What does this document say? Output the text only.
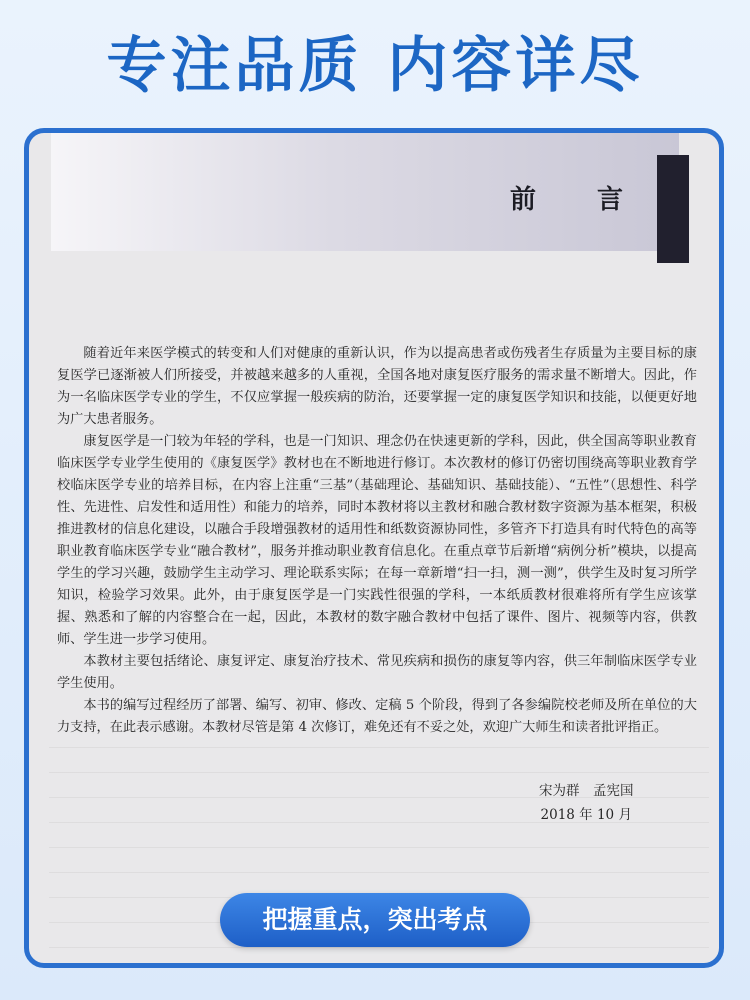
专注品质 内容详尽
前 言

随着近年来医学模式的转变和人们对健康的重新认识，作为以提高患者或伤残者生存质量为主要目标的康复医学已逐渐被人们所接受，并被越来越多的人重视，全国各地对康复医疗服务的需求量不断增大。因此，作为一名临床医学专业的学生，不仅应掌握一般疾病的防治，还要掌握一定的康复医学知识和技能，以便更好地为广大患者服务。

康复医学是一门较为年轻的学科，也是一门知识、理念仍在快速更新的学科，因此，供全国高等职业教育临床医学专业学生使用的《康复医学》教材也在不断地进行修订。本次教材的修订仍密切围绕高等职业教育学校临床医学专业的培养目标，在内容上注重“三基”（基础理论、基础知识、基础技能）、“五性”（思想性、科学性、先进性、启发性和适用性）和能力的培养，同时本教材将以主教材和融合教材数字资源为基本框架，积极推进教材的信息化建设，以融合手段增强教材的适用性和纸数资源协同性，多管齐下打造具有时代特色的高等职业教育临床医学专业“融合教材”，服务并推动职业教育信息化。在重点章节后新增“病例分析”模块，以提高学生的学习兴趣，鼓励学生主动学习、理论联系实际；在每一章新增“扫一扫，测一测”，供学生及时复习所学知识，检验学习效果。此外，由于康复医学是一门实践性很强的学科，一本纸质教材很难将所有学生应该掌握、熟悉和了解的内容整合在一起，因此，本教材的数字融合教材中包括了课件、图片、视频等内容，供教师、学生进一步学习使用。

本教材主要包括绪论、康复评定、康复治疗技术、常见疾病和损伤的康复等内容，供三年制临床医学专业学生使用。

本书的编写过程经历了部署、编写、初审、修改、定稿 5 个阶段，得到了各参编院校老师及所在单位的大力支持，在此表示感谢。本教材尽管是第 4 次修订，难免还有不妥之处，欢迎广大师生和读者批评指正。

宋为群　孟宪国
2018 年 10 月
把握重点，突出考点
